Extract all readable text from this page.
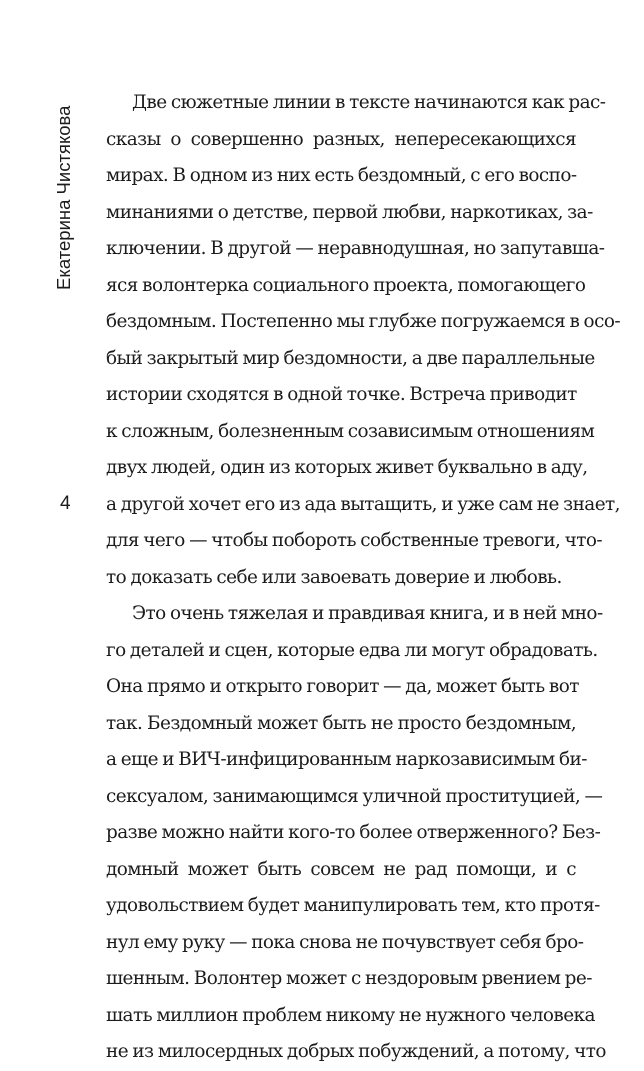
Екатерина Чистякова
4
Две сюжетные линии в тексте начинаются как рас-
сказы о совершенно разных, непересекающихся
мирах. В одном из них есть бездомный, с его воспо-
минаниями о детстве, первой любви, наркотиках, за-
ключении. В другой — неравнодушная, но запутавша-
яся волонтерка социального проекта, помогающего
бездомным. Постепенно мы глубже погружаемся в осо-
бый закрытый мир бездомности, а две параллельные
истории сходятся в одной точке. Встреча приводит
к сложным, болезненным созависимым отношениям
двух людей, один из которых живет буквально в аду,
а другой хочет его из ада вытащить, и уже сам не знает,
для чего — чтобы побороть собственные тревоги, что-
то доказать себе или завоевать доверие и любовь.
Это очень тяжелая и правдивая книга, и в ней мно-
го деталей и сцен, которые едва ли могут обрадовать.
Она прямо и открыто говорит — да, может быть вот
так. Бездомный может быть не просто бездомным,
а еще и ВИЧ-инфицированным наркозависимым би-
сексуалом, занимающимся уличной проституцией, —
разве можно найти кого-то более отверженного? Без-
домный может быть совсем не рад помощи, и с
удовольствием будет манипулировать тем, кто протя-
нул ему руку — пока снова не почувствует себя бро-
шенным. Волонтер может с нездоровым рвением ре-
шать миллион проблем никому не нужного человека
не из милосердных добрых побуждений, а потому, что
